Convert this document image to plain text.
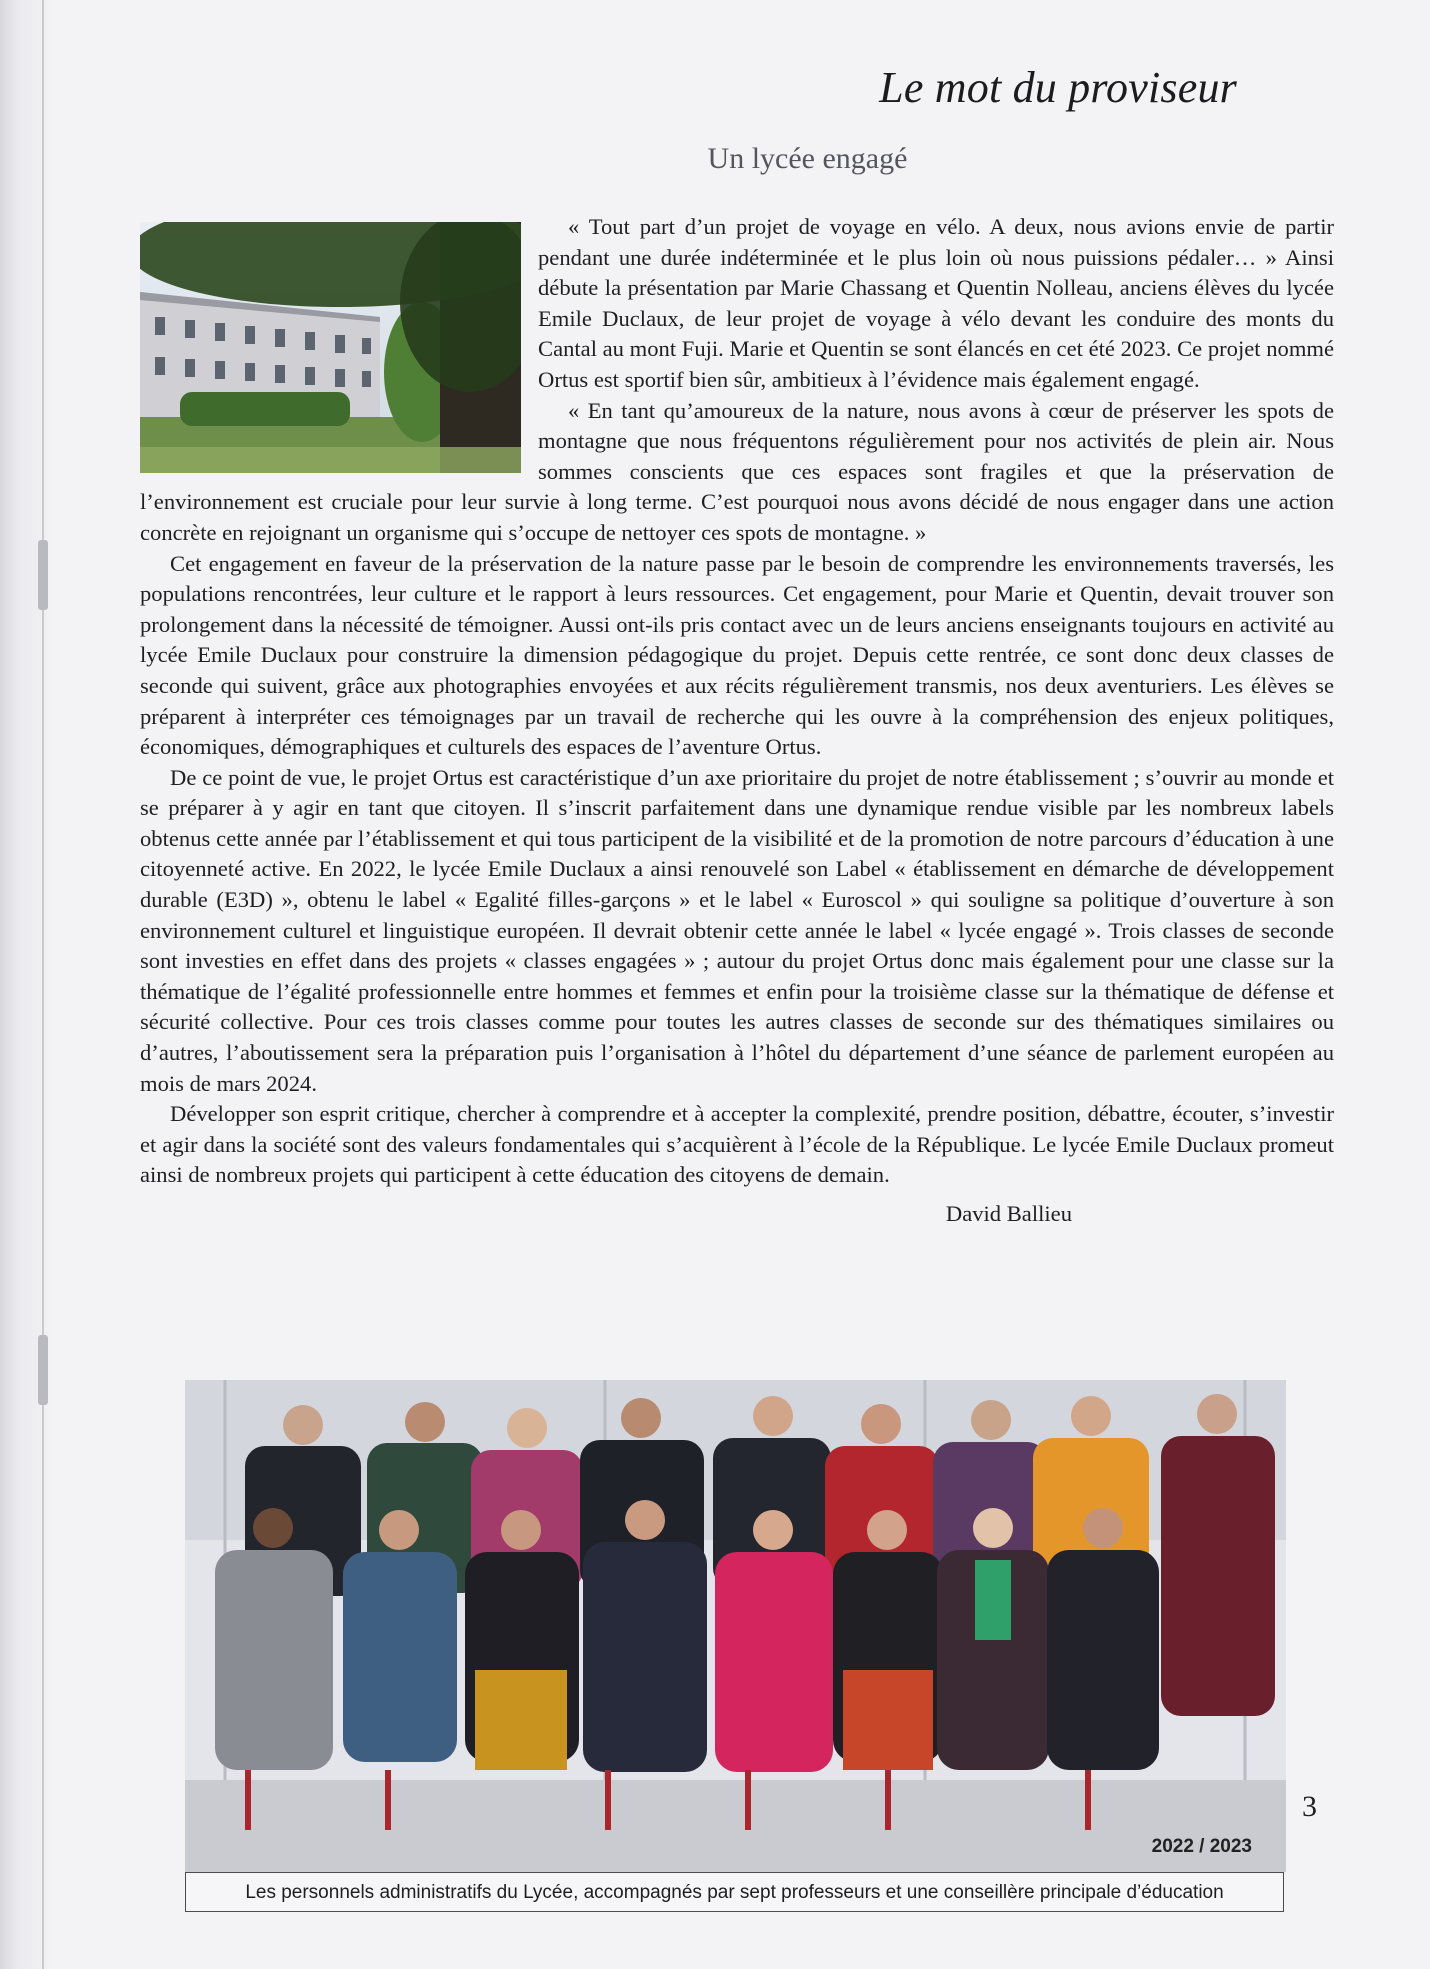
Le mot du proviseur
Un lycée engagé

« Tout part d’un projet de voyage en vélo. A deux, nous avions envie de partir pendant une durée indéterminée et le plus loin où nous puissions pédaler… » Ainsi débute la présentation par Marie Chassang et Quentin Nolleau, anciens élèves du lycée Emile Duclaux, de leur projet de voyage à vélo devant les conduire des monts du Cantal au mont Fuji. Marie et Quentin se sont élancés en cet été 2023. Ce projet nommé Ortus est sportif bien sûr, ambitieux à l’évidence mais également engagé.

« En tant qu’amoureux de la nature, nous avons à cœur de préserver les spots de montagne que nous fréquentons régulièrement pour nos activités de plein air. Nous sommes conscients que ces espaces sont fragiles et que la préservation de l’environnement est cruciale pour leur survie à long terme. C’est pourquoi nous avons décidé de nous engager dans une action concrète en rejoignant un organisme qui s’occupe de nettoyer ces spots de montagne. »

Cet engagement en faveur de la préservation de la nature passe par le besoin de comprendre les environnements traversés, les populations rencontrées, leur culture et le rapport à leurs ressources. Cet engagement, pour Marie et Quentin, devait trouver son prolongement dans la nécessité de témoigner. Aussi ont-ils pris contact avec un de leurs anciens enseignants toujours en activité au lycée Emile Duclaux pour construire la dimension pédagogique du projet. Depuis cette rentrée, ce sont donc deux classes de seconde qui suivent, grâce aux photographies envoyées et aux récits régulièrement transmis, nos deux aventuriers. Les élèves se préparent à interpréter ces témoignages par un travail de recherche qui les ouvre à la compréhension des enjeux politiques, économiques, démographiques et culturels des espaces de l’aventure Ortus.

De ce point de vue, le projet Ortus est caractéristique d’un axe prioritaire du projet de notre établissement ; s’ouvrir au monde et se préparer à y agir en tant que citoyen. Il s’inscrit parfaitement dans une dynamique rendue visible par les nombreux labels obtenus cette année par l’établissement et qui tous participent de la visibilité et de la promotion de notre parcours d’éducation à une citoyenneté active. En 2022, le lycée Emile Duclaux a ainsi renouvelé son Label « établissement en démarche de développement durable (E3D) », obtenu le label « Egalité filles-garçons » et le label « Euroscol » qui souligne sa politique d’ouverture à son environnement culturel et linguistique européen. Il devrait obtenir cette année le label « lycée engagé ». Trois classes de seconde sont investies en effet dans des projets « classes engagées » ; autour du projet Ortus donc mais également pour une classe sur la thématique de l’égalité professionnelle entre hommes et femmes et enfin pour la troisième classe sur la thématique de défense et sécurité collective. Pour ces trois classes comme pour toutes les autres classes de seconde sur des thématiques similaires ou d’autres, l’aboutissement sera la préparation puis l’organisation à l’hôtel du département d’une séance de parlement européen au mois de mars 2024.

Développer son esprit critique, chercher à comprendre et à accepter la complexité, prendre position, débattre, écouter, s’investir et agir dans la société sont des valeurs fondamentales qui s’acquièrent à l’école de la République. Le lycée Emile Duclaux promeut ainsi de nombreux projets qui participent à cette éducation des citoyens de demain.

David Ballieu

2022 / 2023
Les personnels administratifs du Lycée, accompagnés par sept professeurs et une conseillère principale d’éducation
3
